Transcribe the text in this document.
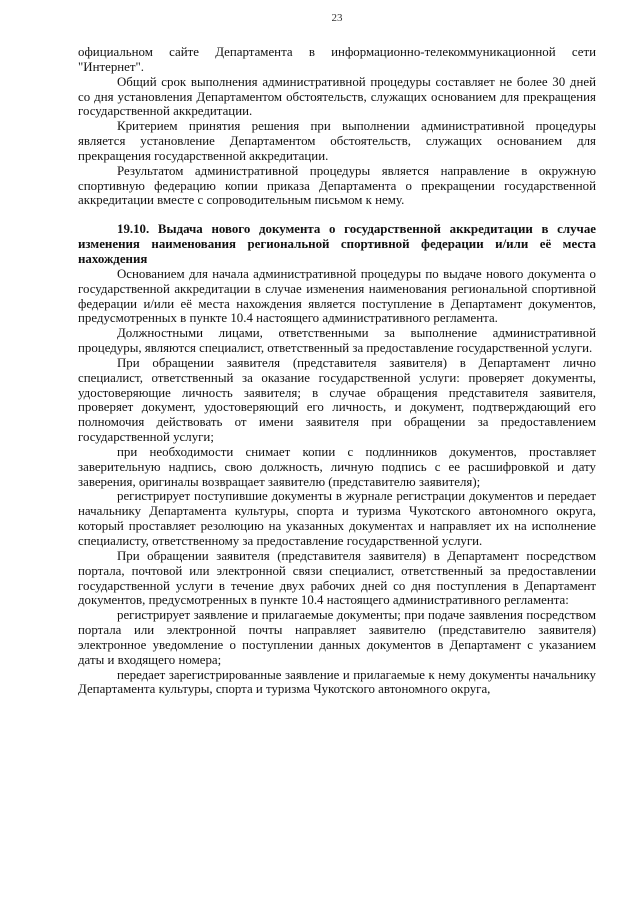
23

официальном сайте Департамента в информационно-телекоммуникационной сети "Интернет".

Общий срок выполнения административной процедуры составляет не более 30 дней со дня установления Департаментом обстоятельств, служащих основанием для прекращения государственной аккредитации.

Критерием принятия решения при выполнении административной процедуры является установление Департаментом обстоятельств, служащих основанием для прекращения государственной аккредитации.

Результатом административной процедуры является направление в окружную спортивную федерацию копии приказа Департамента о прекращении государственной аккредитации вместе с сопроводительным письмом к нему.

19.10. Выдача нового документа о государственной аккредитации в случае изменения наименования региональной спортивной федерации и/или её места нахождения

Основанием для начала административной процедуры по выдаче нового документа о государственной аккредитации в случае изменения наименования региональной спортивной федерации и/или её места нахождения является поступление в Департамент документов, предусмотренных в пункте 10.4 настоящего административного регламента.

Должностными лицами, ответственными за выполнение административной процедуры, являются специалист, ответственный за предоставление государственной услуги.

При обращении заявителя (представителя заявителя) в Департамент лично специалист, ответственный за оказание государственной услуги: проверяет документы, удостоверяющие личность заявителя; в случае обращения представителя заявителя, проверяет документ, удостоверяющий его личность, и документ, подтверждающий его полномочия действовать от имени заявителя при обращении за предоставлением государственной услуги;

при необходимости снимает копии с подлинников документов, проставляет заверительную надпись, свою должность, личную подпись с ее расшифровкой и дату заверения, оригиналы возвращает заявителю (представителю заявителя);

регистрирует поступившие документы в журнале регистрации документов и передает начальнику Департамента культуры, спорта и туризма Чукотского автономного округа, который проставляет резолюцию на указанных документах и направляет их на исполнение специалисту, ответственному за предоставление государственной услуги.

При обращении заявителя (представителя заявителя) в Департамент посредством портала, почтовой или электронной связи специалист, ответственный за предоставлении государственной услуги в течение двух рабочих дней со дня поступления в Департамент документов, предусмотренных в пункте 10.4 настоящего административного регламента:

регистрирует заявление и прилагаемые документы; при подаче заявления посредством портала или электронной почты направляет заявителю (представителю заявителя) электронное уведомление о поступлении данных документов в Департамент с указанием даты и входящего номера;

передает зарегистрированные заявление и прилагаемые к нему документы начальнику Департамента культуры, спорта и туризма Чукотского автономного округа,
